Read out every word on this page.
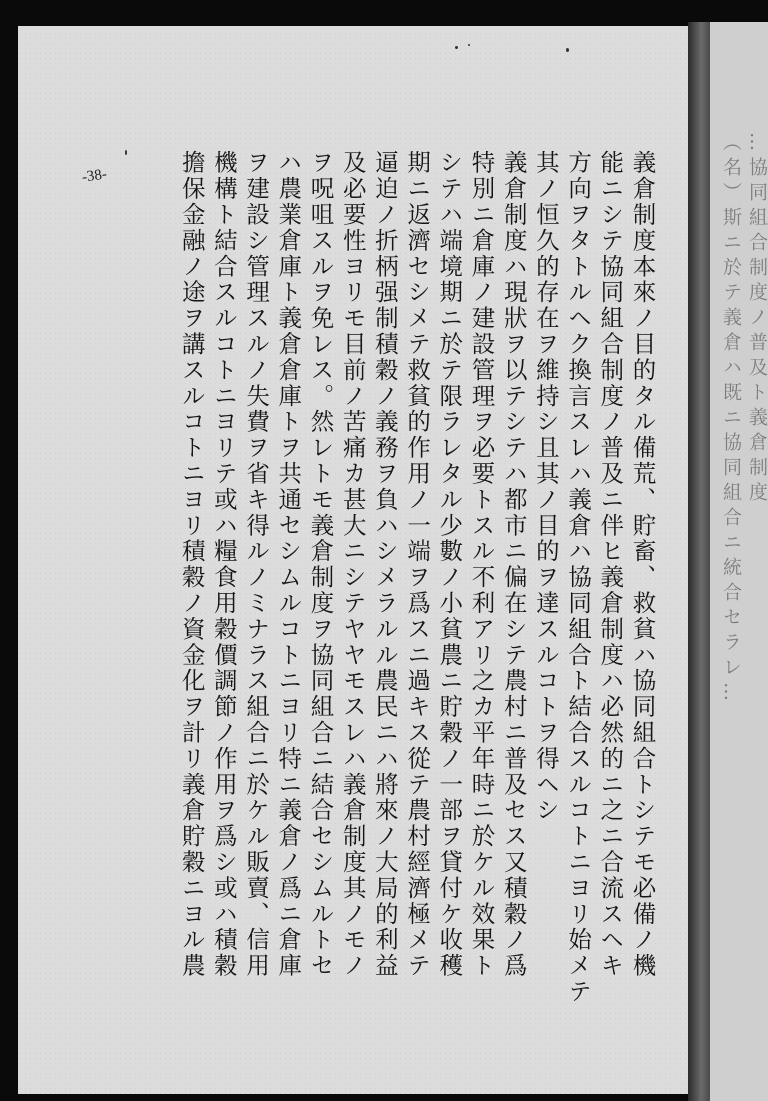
-38-	義倉制度本來ノ目的タル備荒、貯畜、救貧ハ協同組合トシテモ必備ノ機
能ニシテ協同組合制度ノ普及ニ伴ヒ義倉制度ハ必然的ニ之ニ合流スヘキ
方向ヲタトルヘク換言スレハ義倉ハ協同組合ト結合スルコトニヨリ始メテ
其ノ恒久的存在ヲ維持シ且其ノ目的ヲ達スルコトヲ得ヘシ
義倉制度ハ現狀ヲ以テシテハ都市ニ偏在シテ農村ニ普及セス又積穀ノ爲
特別ニ倉庫ノ建設管理ヲ必要トスル不利アリ之カ平年時ニ於ケル效果ト
シテハ端境期ニ於テ限ラレタル少數ノ小貧農ニ貯穀ノ一部ヲ貸付ケ收穫
期ニ返濟セシメテ救貧的作用ノ一端ヲ爲スニ過キス從テ農村經濟極メテ
逼迫ノ折柄强制積穀ノ義務ヲ負ハシメラルル農民ニハ將來ノ大局的利益
及必要性ヨリモ目前ノ苦痛カ甚大ニシテヤヤモスレハ義倉制度其ノモノ
ヲ呪咀スルヲ免レス。然レトモ義倉制度ヲ協同組合ニ結合セシムルトセ
ハ農業倉庫ト義倉倉庫トヲ共通セシムルコトニヨリ特ニ義倉ノ爲ニ倉庫
ヲ建設シ管理スルノ失費ヲ省キ得ルノミナラス組合ニ於ケル販賣、信用
機構ト結合スルコトニヨリテ或ハ糧食用穀價調節ノ作用ヲ爲シ或ハ積穀
擔保金融ノ途ヲ講スルコトニヨリ積穀ノ資金化ヲ計リ義倉貯穀ニヨル農	…協同組合制度ノ普及ト義倉制度
（名）斯ニ於テ義倉ハ既ニ協同組合ニ統合セラレ…
